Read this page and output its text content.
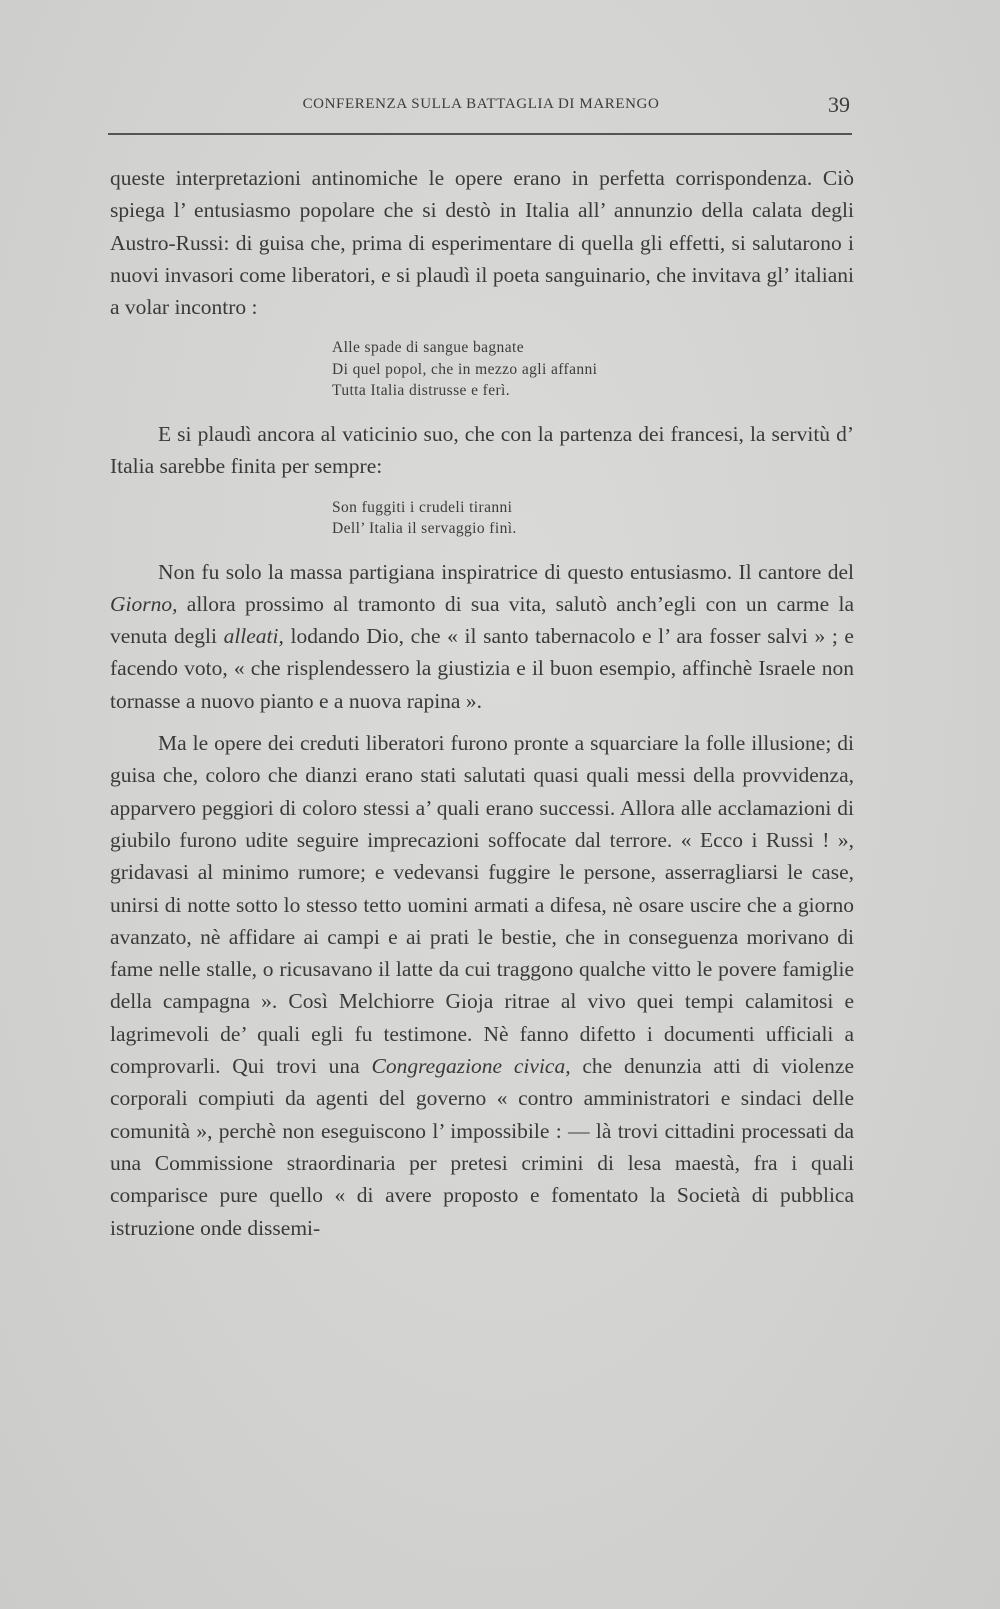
CONFERENZA SULLA BATTAGLIA DI MARENGO	39

queste interpretazioni antinomiche le opere erano in perfetta corrispondenza. Ciò spiega l’ entusiasmo popolare che si destò in Italia all’ annunzio della calata degli Austro-Russi: di guisa che, prima di esperimentare di quella gli effetti, si salutarono i nuovi invasori come liberatori, e si plaudì il poeta sanguinario, che invitava gl’ italiani a volar incontro :

Alle spade di sangue bagnate
Di quel popol, che in mezzo agli affanni
Tutta Italia distrusse e ferì.

E si plaudì ancora al vaticinio suo, che con la partenza dei francesi, la servitù d’ Italia sarebbe finita per sempre:

Son fuggiti i crudeli tiranni
Dell’ Italia il servaggio finì.

Non fu solo la massa partigiana inspiratrice di questo entusiasmo. Il cantore del Giorno, allora prossimo al tramonto di sua vita, salutò anch’egli con un carme la venuta degli alleati, lodando Dio, che « il santo tabernacolo e l’ ara fosser salvi » ; e facendo voto, « che risplendessero la giustizia e il buon esempio, affinchè Israele non tornasse a nuovo pianto e a nuova rapina ».

Ma le opere dei creduti liberatori furono pronte a squarciare la folle illusione; di guisa che, coloro che dianzi erano stati salutati quasi quali messi della provvidenza, apparvero peggiori di coloro stessi a’ quali erano successi. Allora alle acclamazioni di giubilo furono udite seguire imprecazioni soffocate dal terrore. « Ecco i Russi ! », gridavasi al minimo rumore; e vedevansi fuggire le persone, asserragliarsi le case, unirsi di notte sotto lo stesso tetto uomini armati a difesa, nè osare uscire che a giorno avanzato, nè affidare ai campi e ai prati le bestie, che in conseguenza morivano di fame nelle stalle, o ricusavano il latte da cui traggono qualche vitto le povere famiglie della campagna ». Così Melchiorre Gioja ritrae al vivo quei tempi calamitosi e lagrimevoli de’ quali egli fu testimone. Nè fanno difetto i documenti ufficiali a comprovarli. Qui trovi una Congregazione civica, che denunzia atti di violenze corporali compiuti da agenti del governo « contro amministratori e sindaci delle comunità », perchè non eseguiscono l’ impossibile : — là trovi cittadini processati da una Commissione straordinaria per pretesi crimini di lesa maestà, fra i quali comparisce pure quello « di avere proposto e fomentato la Società di pubblica istruzione onde dissemi-
